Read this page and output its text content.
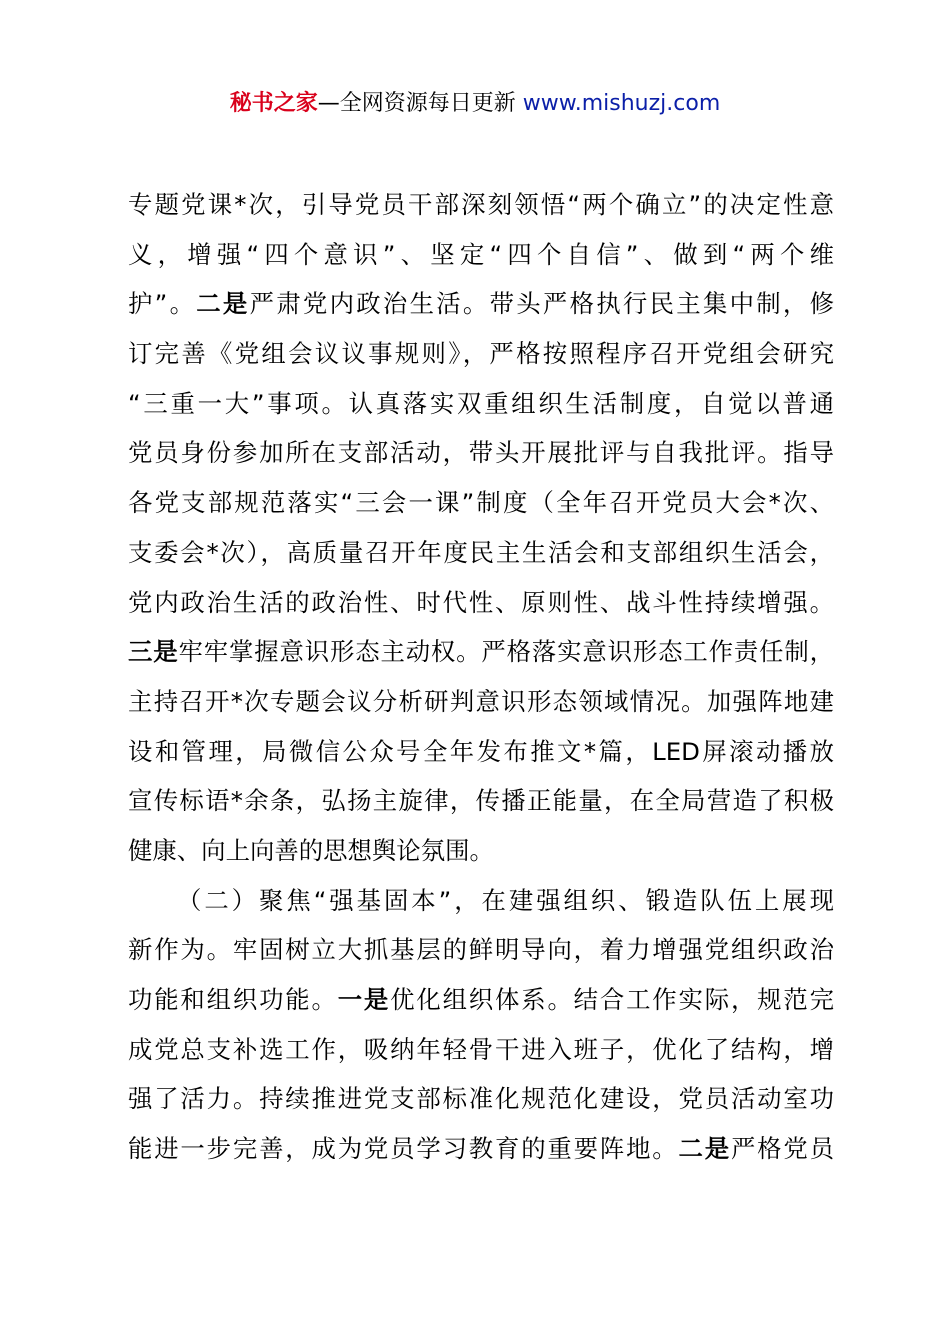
秘书之家—全网资源每日更新 www.mishuzj.com
专题党课*次，引导党员干部深刻领悟“两个确立”的决定性意
义，增强“四个意识”、坚定“四个自信”、做到“两个维
护”。二是严肃党内政治生活。带头严格执行民主集中制，修
订完善《党组会议议事规则》，严格按照程序召开党组会研究
“三重一大”事项。认真落实双重组织生活制度，自觉以普通
党员身份参加所在支部活动，带头开展批评与自我批评。指导
各党支部规范落实“三会一课”制度（全年召开党员大会*次、
支委会*次），高质量召开年度民主生活会和支部组织生活会，
党内政治生活的政治性、时代性、原则性、战斗性持续增强。
三是牢牢掌握意识形态主动权。严格落实意识形态工作责任制，
主持召开*次专题会议分析研判意识形态领域情况。加强阵地建
设和管理，局微信公众号全年发布推文*篇，LED屏滚动播放
宣传标语*余条，弘扬主旋律，传播正能量，在全局营造了积极
健康、向上向善的思想舆论氛围。
（二）聚焦“强基固本”，在建强组织、锻造队伍上展现
新作为。牢固树立大抓基层的鲜明导向，着力增强党组织政治
功能和组织功能。一是优化组织体系。结合工作实际，规范完
成党总支补选工作，吸纳年轻骨干进入班子，优化了结构，增
强了活力。持续推进党支部标准化规范化建设，党员活动室功
能进一步完善，成为党员学习教育的重要阵地。二是严格党员
